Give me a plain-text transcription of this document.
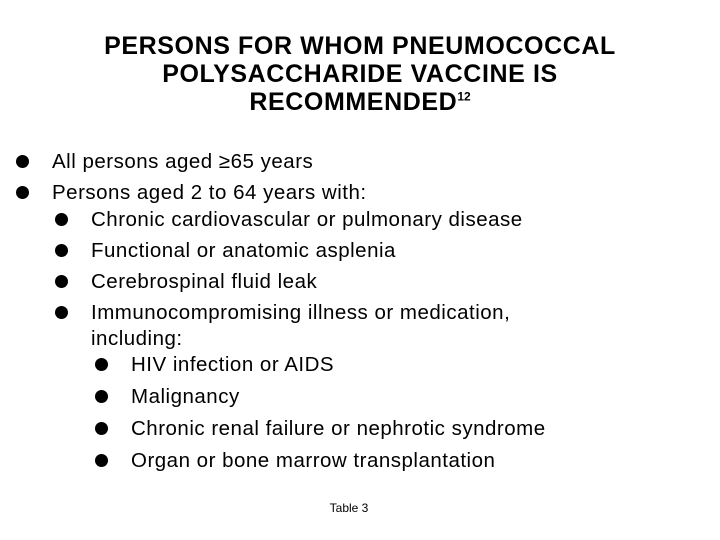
PERSONS FOR WHOM PNEUMOCOCCAL
POLYSACCHARIDE VACCINE IS
RECOMMENDED$^{12}$
All persons aged ≥65 years
Persons aged 2 to 64 years with:
Chronic cardiovascular or pulmonary disease
Functional or anatomic asplenia
Cerebrospinal fluid leak
Immunocompromising illness or medication,
including:
HIV infection or AIDS
Malignancy
Chronic renal failure or nephrotic syndrome
Organ or bone marrow transplantation
Table 3
